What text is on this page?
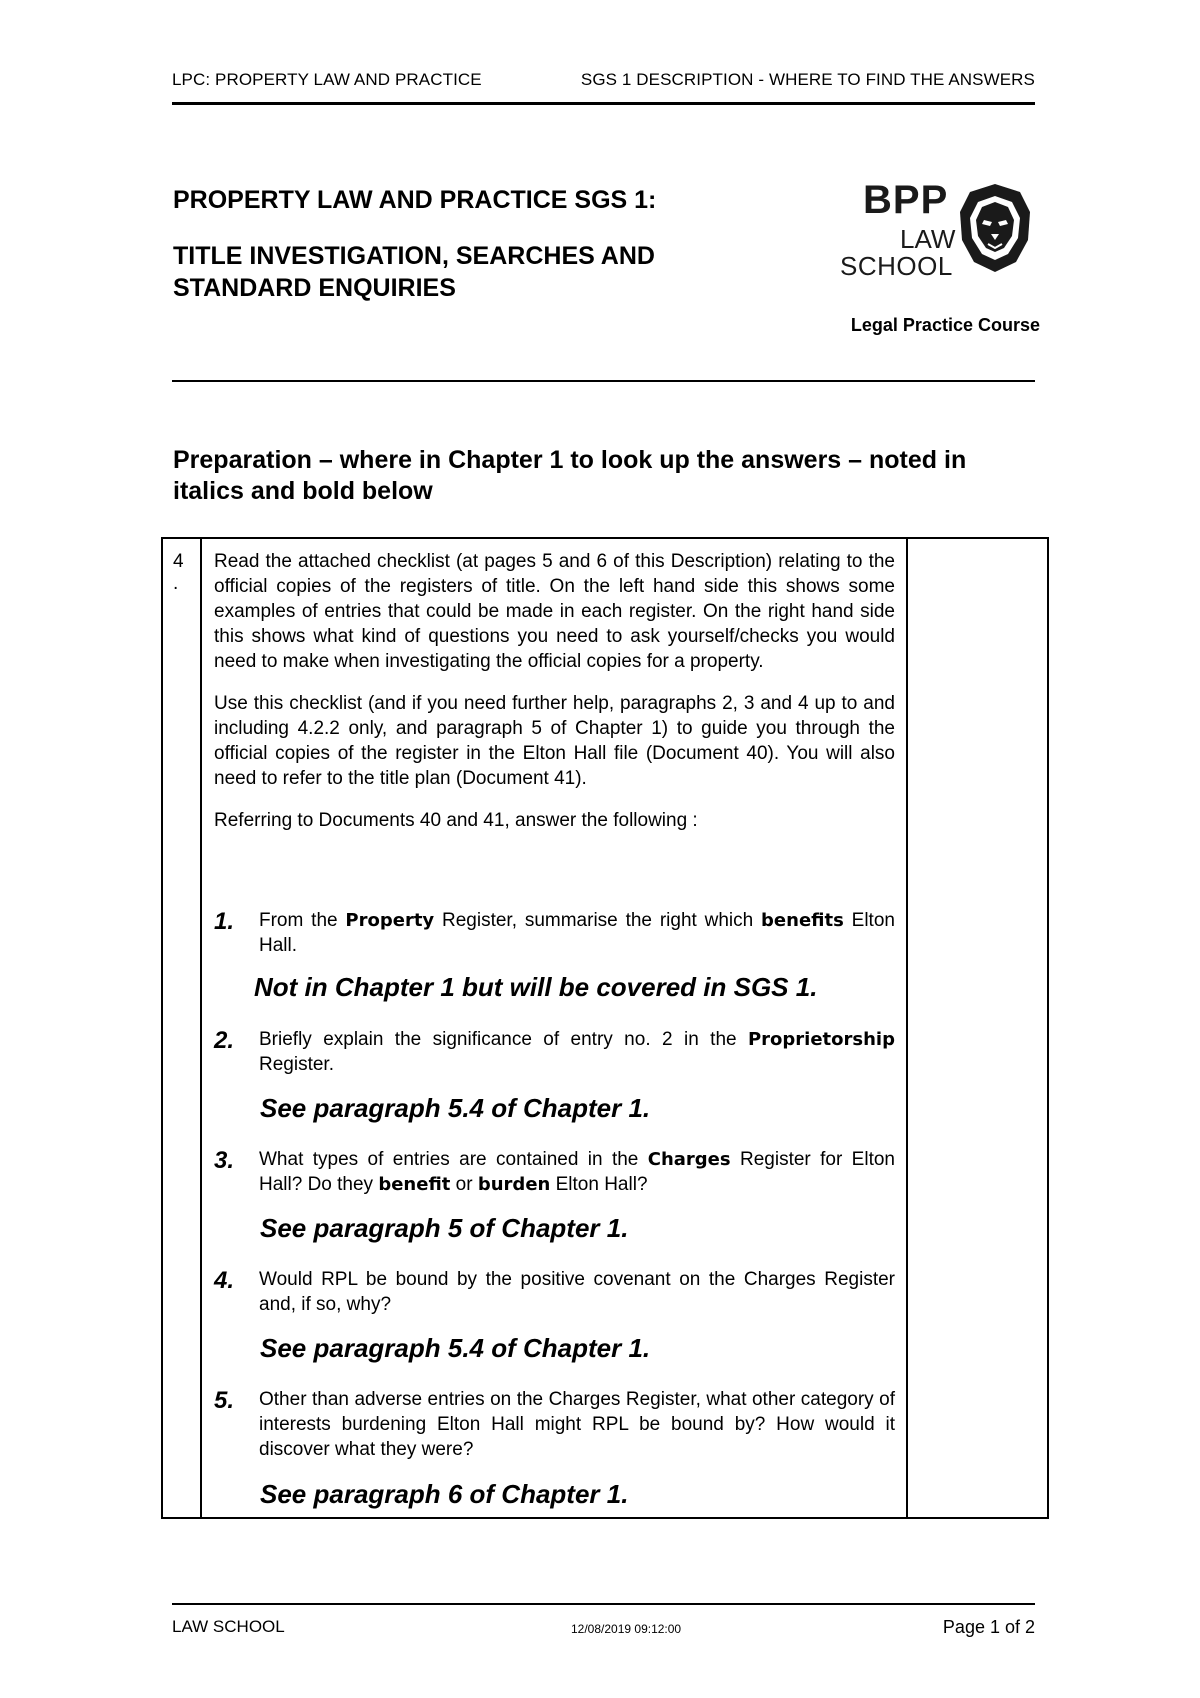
LPC: PROPERTY LAW AND PRACTICE	SGS 1 DESCRIPTION - WHERE TO FIND THE ANSWERS
PROPERTY LAW AND PRACTICE SGS 1:
TITLE INVESTIGATION, SEARCHES AND STANDARD ENQUIRIES
BPP
LAW
SCHOOL
Legal Practice Course
Preparation – where in Chapter 1 to look up the answers – noted in italics and bold below
4
.

Read the attached checklist (at pages 5 and 6 of this Description) relating to the official copies of the registers of title. On the left hand side this shows some examples of entries that could be made in each register. On the right hand side this shows what kind of questions you need to ask yourself/checks you would need to make when investigating the official copies for a property.

Use this checklist (and if you need further help, paragraphs 2, 3 and 4 up to and including 4.2.2 only, and paragraph 5 of Chapter 1) to guide you through the official copies of the register in the Elton Hall file (Document 40). You will also need to refer to the title plan (Document 41).

Referring to Documents 40 and 41, answer the following :

1. From the Property Register, summarise the right which benefits Elton Hall.
Not in Chapter 1 but will be covered in SGS 1.
2. Briefly explain the significance of entry no. 2 in the Proprietorship Register.
See paragraph 5.4 of Chapter 1.
3. What types of entries are contained in the Charges Register for Elton Hall? Do they benefit or burden Elton Hall?
See paragraph 5 of Chapter 1.
4. Would RPL be bound by the positive covenant on the Charges Register and, if so, why?
See paragraph 5.4 of Chapter 1.
5. Other than adverse entries on the Charges Register, what other category of interests burdening Elton Hall might RPL be bound by? How would it discover what they were?
See paragraph 6 of Chapter 1.
LAW SCHOOL	12/08/2019 09:12:00	Page 1 of 2
